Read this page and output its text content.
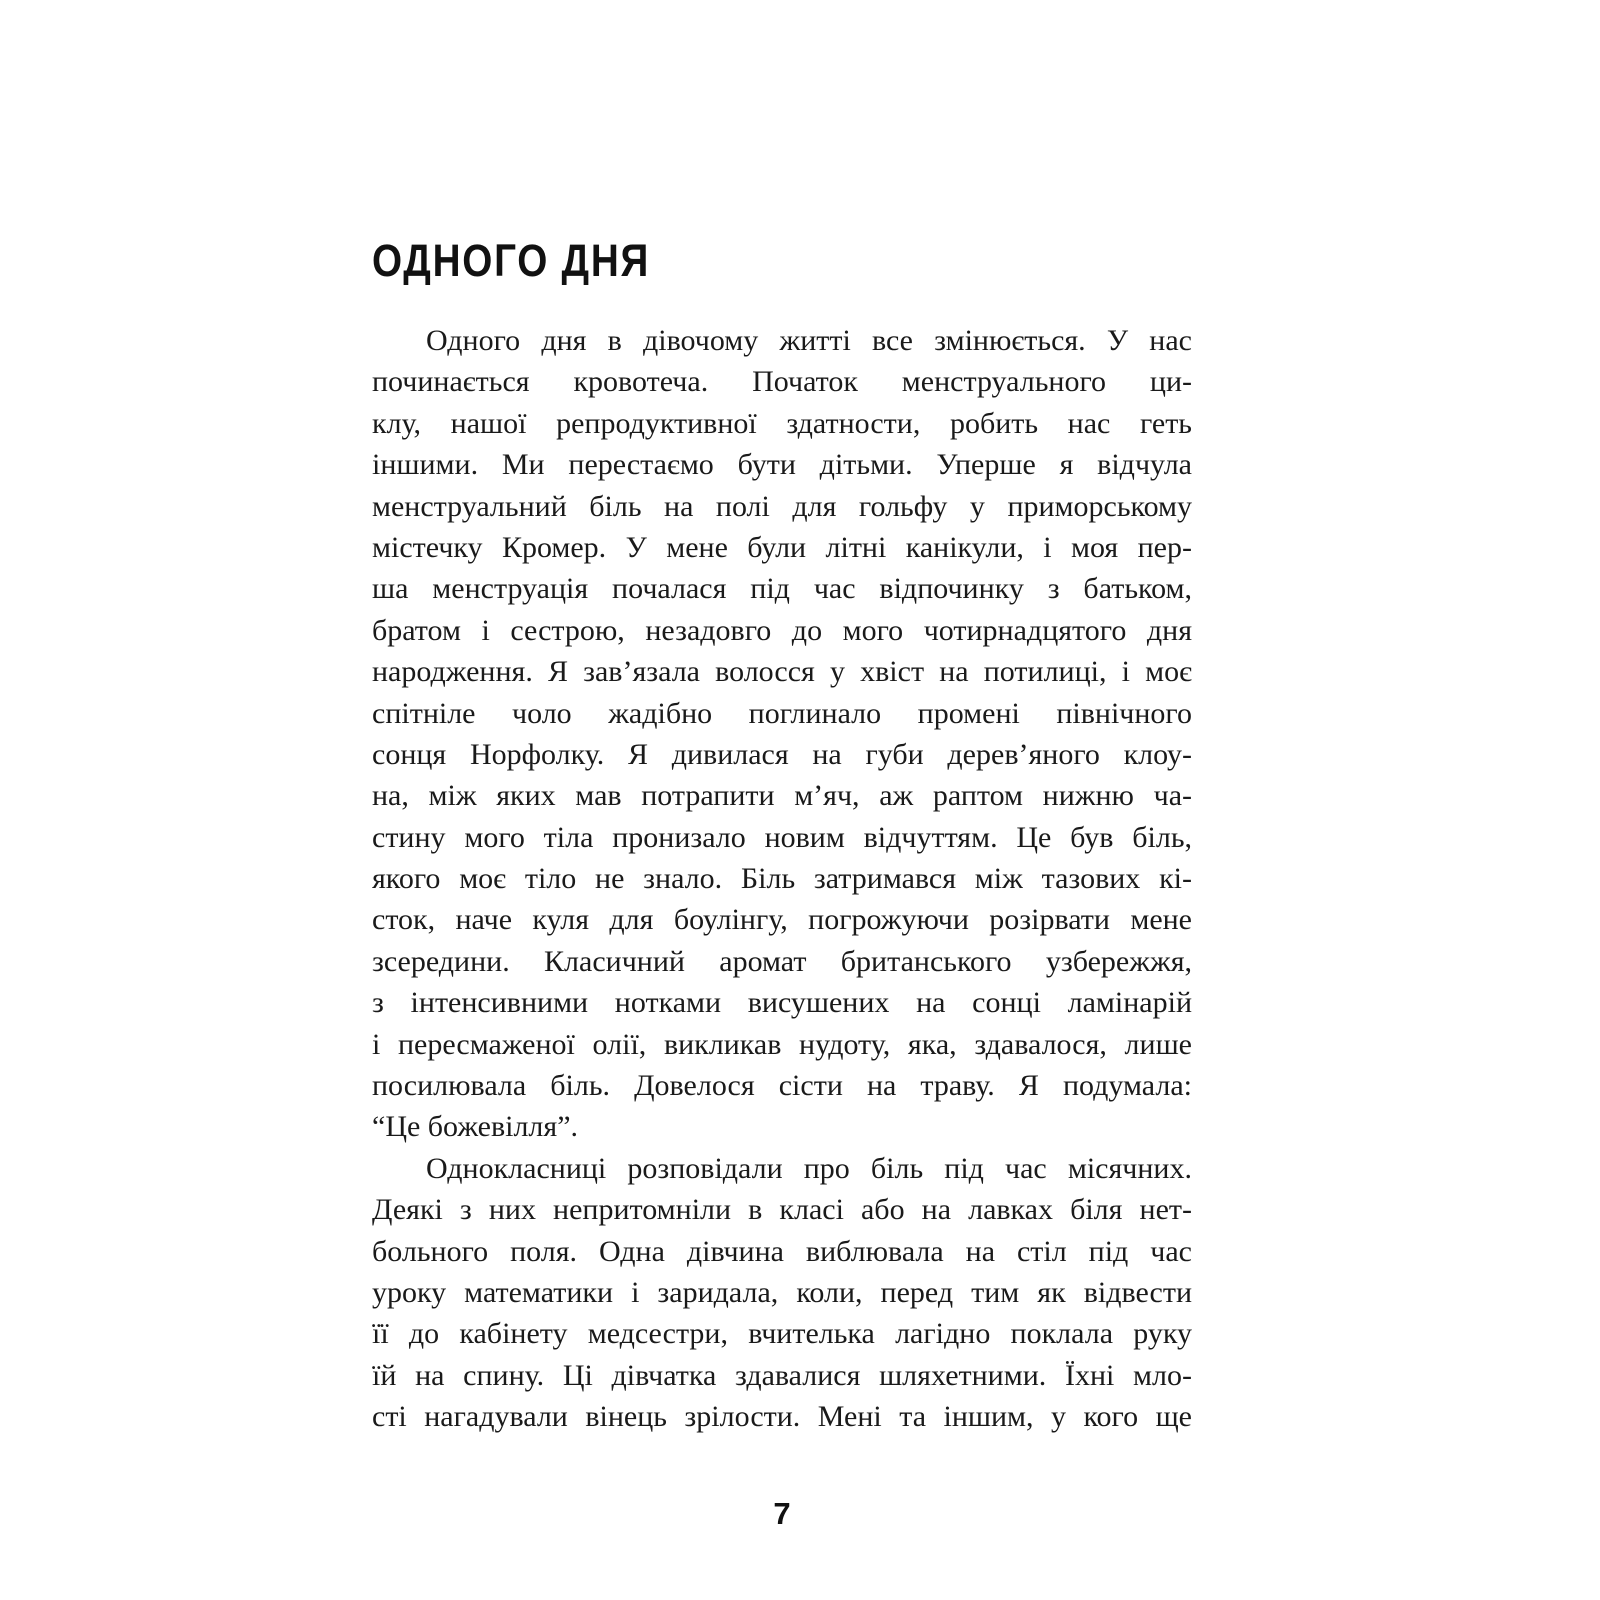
ОДНОГО ДНЯ
Одного дня в дівочому житті все змінюється. У нас
починається кровотеча. Початок менструального ци-
клу, нашої репродуктивної здатности, робить нас геть
іншими. Ми перестаємо бути дітьми. Уперше я відчула
менструальний біль на полі для гольфу у приморському
містечку Кромер. У мене були літні канікули, і моя пер-
ша менструація почалася під час відпочинку з батьком,
братом і сестрою, незадовго до мого чотирнадцятого дня
народження. Я зав’язала волосся у хвіст на потилиці, і моє
спітніле чоло жадібно поглинало промені північного
сонця Норфолку. Я дивилася на губи дерев’яного клоу-
на, між яких мав потрапити м’яч, аж раптом нижню ча-
стину мого тіла пронизало новим відчуттям. Це був біль,
якого моє тіло не знало. Біль затримався між тазових кі-
сток, наче куля для боулінгу, погрожуючи розірвати мене
зсередини. Класичний аромат британського узбережжя,
з інтенсивними нотками висушених на сонці ламінарій
і пересмаженої олії, викликав нудоту, яка, здавалося, лише
посилювала біль. Довелося сісти на траву. Я подумала:
“Це божевілля”.
Однокласниці розповідали про біль під час місячних.
Деякі з них непритомніли в класі або на лавках біля нет-
больного поля. Одна дівчина виблювала на стіл під час
уроку математики і заридала, коли, перед тим як відвести
її до кабінету медсестри, вчителька лагідно поклала руку
їй на спину. Ці дівчатка здавалися шляхетними. Їхні мло-
сті нагадували вінець зрілости. Мені та іншим, у кого ще
7
